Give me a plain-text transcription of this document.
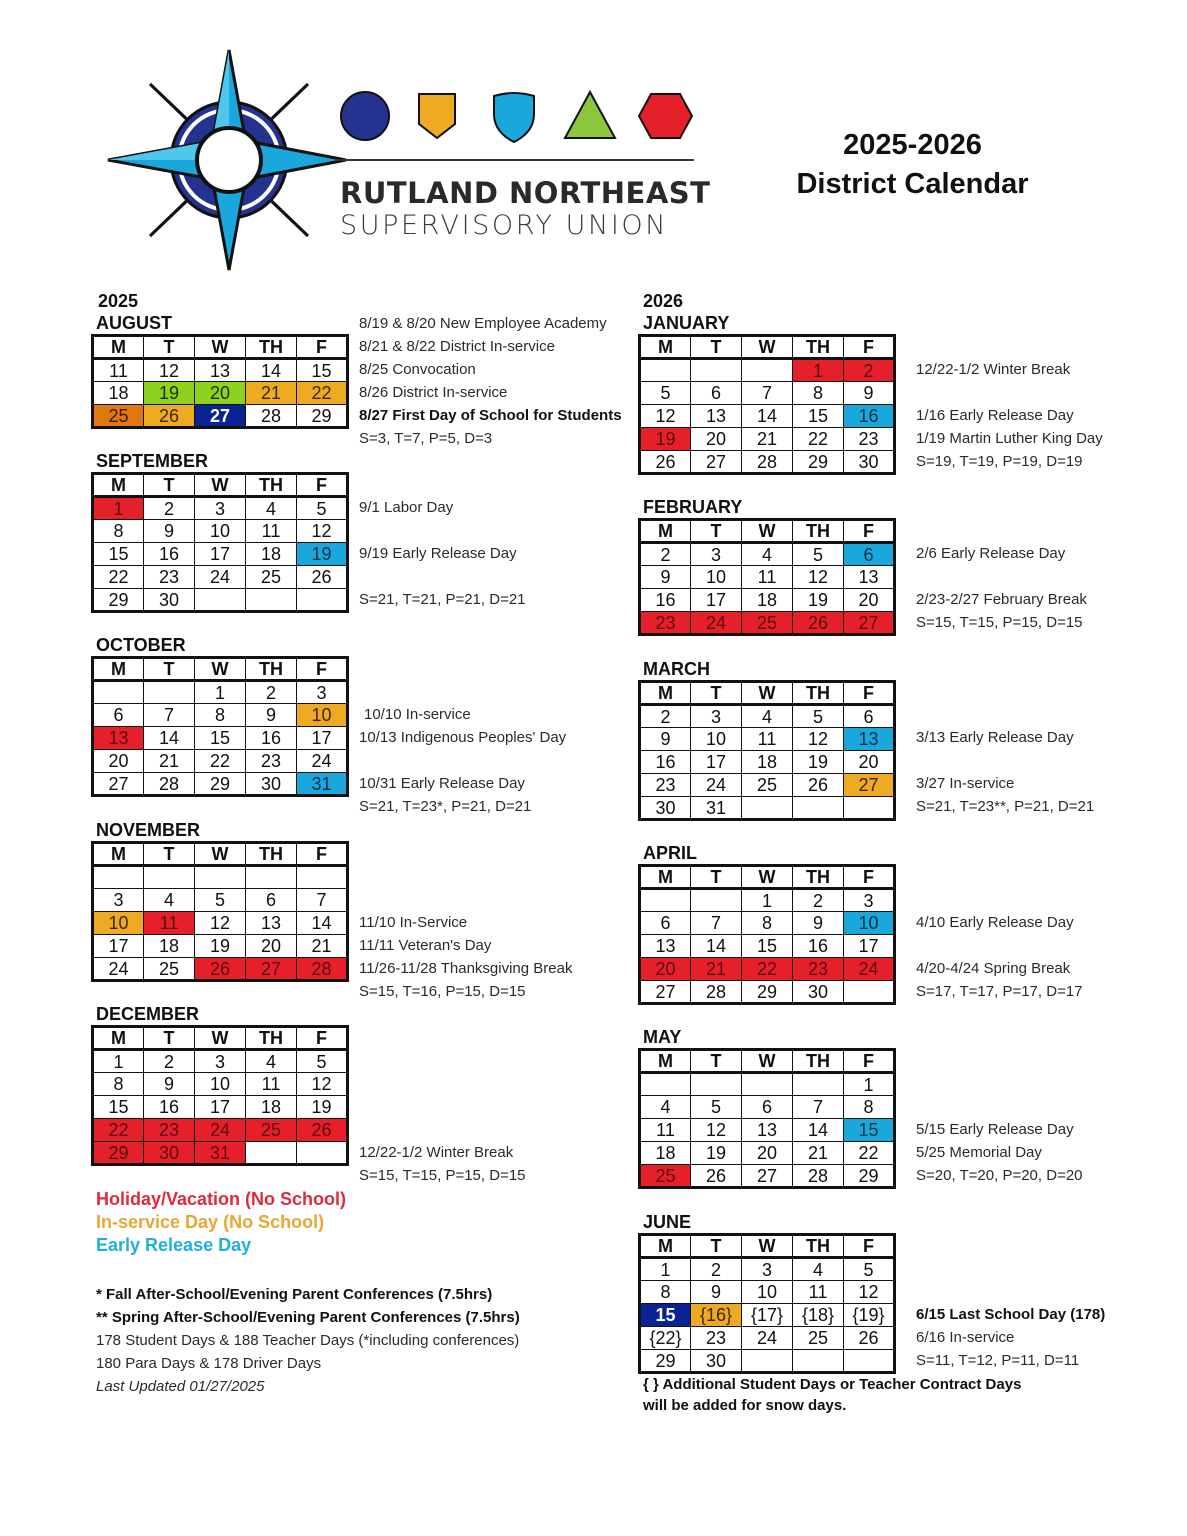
RUTLAND NORTHEAST
SUPERVISORY UNION
2025-2026
District Calendar
2025	2026
AUGUST
M	T	W	TH	F
11	12	13	14	15
18	19	20	21	22
25	26	27	28	29
SEPTEMBER
M	T	W	TH	F
1	2	3	4	5
8	9	10	11	12
15	16	17	18	19
22	23	24	25	26
29	30			
OCTOBER
M	T	W	TH	F
		1	2	3
6	7	8	9	10
13	14	15	16	17
20	21	22	23	24
27	28	29	30	31
NOVEMBER
M	T	W	TH	F

3	4	5	6	7
10	11	12	13	14
17	18	19	20	21
24	25	26	27	28
DECEMBER
M	T	W	TH	F
1	2	3	4	5
8	9	10	11	12
15	16	17	18	19
22	23	24	25	26
29	30	31		
JANUARY
M	T	W	TH	F
			1	2
5	6	7	8	9
12	13	14	15	16
19	20	21	22	23
26	27	28	29	30
FEBRUARY
M	T	W	TH	F
2	3	4	5	6
9	10	11	12	13
16	17	18	19	20
23	24	25	26	27
MARCH
M	T	W	TH	F
2	3	4	5	6
9	10	11	12	13
16	17	18	19	20
23	24	25	26	27
30	31			
APRIL
M	T	W	TH	F
		1	2	3
6	7	8	9	10
13	14	15	16	17
20	21	22	23	24
27	28	29	30	
MAY
M	T	W	TH	F
				1
4	5	6	7	8
11	12	13	14	15
18	19	20	21	22
25	26	27	28	29
JUNE
M	T	W	TH	F
1	2	3	4	5
8	9	10	11	12
15	{16}	{17}	{18}	{19}
{22}	23	24	25	26
29	30			
8/19 & 8/20 New Employee Academy
8/21 & 8/22 District In-service
8/25 Convocation
8/26 District In-service
8/27 First Day of School for Students
S=3, T=7, P=5, D=3
9/1 Labor Day
9/19 Early Release Day
S=21, T=21, P=21, D=21
10/10 In-service
10/13 Indigenous Peoples' Day
10/31 Early Release Day
S=21, T=23*, P=21, D=21
11/10 In-Service
11/11 Veteran's Day
11/26-11/28 Thanksgiving Break
S=15, T=16, P=15, D=15
12/22-1/2 Winter Break
S=15, T=15, P=15, D=15
12/22-1/2 Winter Break
1/16 Early Release Day
1/19 Martin Luther King Day
S=19, T=19, P=19, D=19
2/6 Early Release Day
2/23-2/27 February Break
S=15, T=15, P=15, D=15
3/13 Early Release Day
3/27 In-service
S=21, T=23**, P=21, D=21
4/10 Early Release Day
4/20-4/24 Spring Break
S=17, T=17, P=17, D=17
5/15 Early Release Day
5/25 Memorial Day
S=20, T=20, P=20, D=20
6/15 Last School Day (178)
6/16 In-service
S=11, T=12, P=11, D=11
Holiday/Vacation (No School)
In-service Day (No School)
Early Release Day
* Fall After-School/Evening Parent Conferences (7.5hrs)
** Spring After-School/Evening Parent Conferences (7.5hrs)
178 Student Days & 188 Teacher Days (*including conferences)
180 Para Days & 178 Driver Days
Last Updated 01/27/2025	{ } Additional Student Days or Teacher Contract Days
will be added for snow days.
